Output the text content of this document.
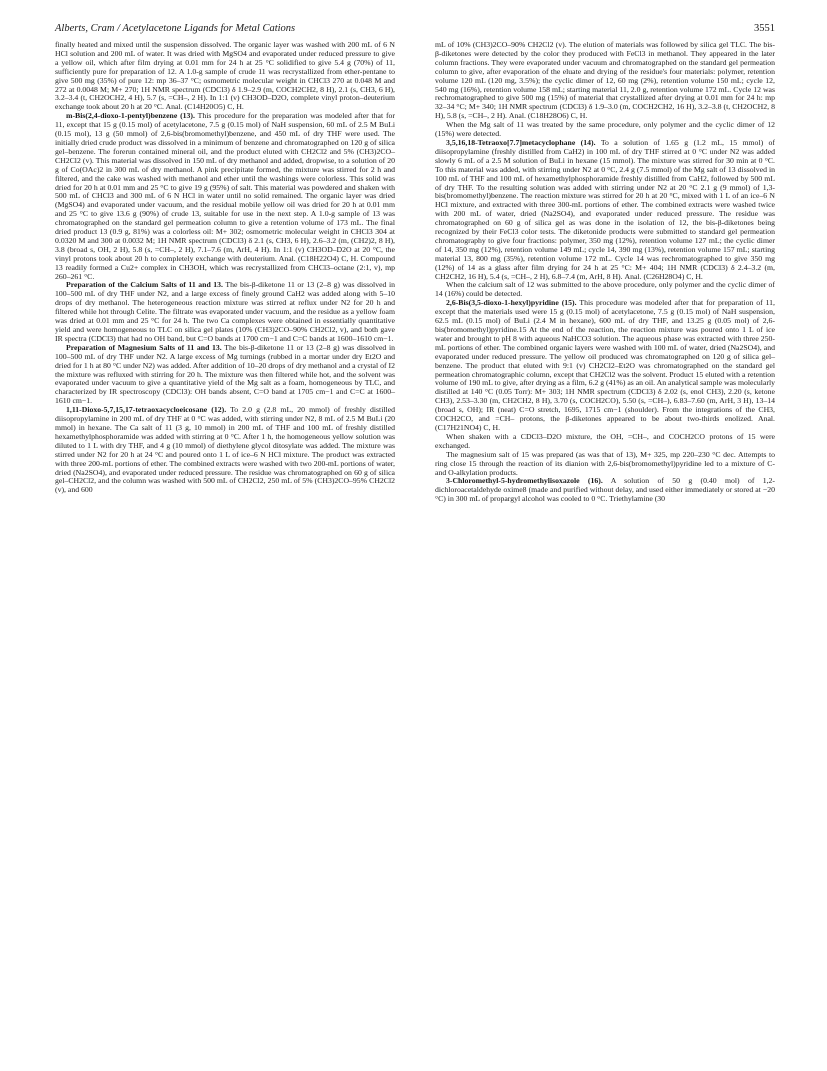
Alberts, Cram / Acetylacetone Ligands for Metal Cations	3551

finally heated and mixed until the suspension dissolved. The organic layer was washed with 200 mL of 6 N HCl solution and 200 mL of water. It was dried with MgSO4 and evaporated under reduced pressure to give a yellow oil, which after film drying at 0.01 mm for 24 h at 25 °C solidified to give 5.4 g (70%) of 11, sufficiently pure for preparation of 12. A 1.0-g sample of crude 11 was recrystallized from ether-pentane to give 500 mg (35%) of pure 12: mp 36–37 °C; osmometric molecular weight in CHCl3 270 at 0.048 M and 272 at 0.0048 M; M+ 270; 1H NMR spectrum (CDCl3) δ 1.9–2.9 (m, COCH2CH2, 8 H), 2.1 (s, CH3, 6 H), 3.2–3.4 (t, CH2OCH2, 4 H), 5.7 (s, =CH–, 2 H). In 1:1 (v) CH3OD–D2O, complete vinyl proton–deuterium exchange took about 20 h at 20 °C. Anal. (C14H20O5) C, H.

m-Bis(2,4-dioxo-1-pentyl)benzene (13). This procedure for the preparation was modeled after that for 11, except that 15 g (0.15 mol) of acetylacetone, 7.5 g (0.15 mol) of NaH suspension, 60 mL of 2.5 M BuLi (0.15 mol), 13 g (50 mmol) of 2,6-bis(bromomethyl)benzene, and 450 mL of dry THF were used. The initially dried crude product was dissolved in a minimum of benzene and chromatographed on 120 g of silica gel–benzene. The forerun contained mineral oil, and the product eluted with CH2Cl2 and 5% (CH3)2CO–CH2Cl2 (v). This material was dissolved in 150 mL of dry methanol and added, dropwise, to a solution of 20 g of Co(OAc)2 in 300 mL of dry methanol. A pink precipitate formed, the mixture was stirred for 2 h and filtered, and the cake was washed with methanol and ether until the washings were colorless. This solid was dried for 20 h at 0.01 mm and 25 °C to give 19 g (95%) of salt. This material was powdered and shaken with 500 mL of CHCl3 and 300 mL of 6 N HCl in water until no solid remained. The organic layer was dried (MgSO4) and evaporated under vacuum, and the residual mobile yellow oil was dried for 20 h at 0.01 mm and 25 °C to give 13.6 g (90%) of crude 13, suitable for use in the next step. A 1.0-g sample of 13 was chromatographed on the standard gel permeation column to give a retention volume of 173 mL. The final dried product 13 (0.9 g, 81%) was a colorless oil: M+ 302; osmometric molecular weight in CHCl3 304 at 0.0320 M and 300 at 0.0032 M; 1H NMR spectrum (CDCl3) δ 2.1 (s, CH3, 6 H), 2.6–3.2 (m, (CH2)2, 8 H), 3.8 (broad s, OH, 2 H), 5.8 (s, =CH–, 2 H), 7.1–7.6 (m, ArH, 4 H). In 1:1 (v) CH3OD–D2O at 20 °C, the vinyl protons took about 20 h to completely exchange with deuterium. Anal. (C18H22O4) C, H. Compound 13 readily formed a Cu2+ complex in CH3OH, which was recrystallized from CHCl3–octane (2:1, v), mp 260–261 °C.

Preparation of the Calcium Salts of 11 and 13. The bis-β-diketone 11 or 13 (2–8 g) was dissolved in 100–500 mL of dry THF under N2, and a large excess of finely ground CaH2 was added along with 5–10 drops of dry methanol. The heterogeneous reaction mixture was stirred at reflux under N2 for 20 h and filtered while hot through Celite. The filtrate was evaporated under vacuum, and the residue as a yellow foam was dried at 0.01 mm and 25 °C for 24 h. The two Ca complexes were obtained in essentially quantitative yield and were homogeneous to TLC on silica gel plates (10% (CH3)2CO–90% CH2Cl2, v), and both gave IR spectra (CDCl3) that had no OH band, but C=O bands at 1700 cm−1 and C=C bands at 1600–1610 cm−1.

Preparation of Magnesium Salts of 11 and 13. The bis-β-diketone 11 or 13 (2–8 g) was dissolved in 100–500 mL of dry THF under N2. A large excess of Mg turnings (rubbed in a mortar under dry Et2O and dried for 1 h at 80 °C under N2) was added. After addition of 10–20 drops of dry methanol and a crystal of I2 the mixture was refluxed with stirring for 20 h. The mixture was then filtered while hot, and the solvent was evaporated under vacuum to give a quantitative yield of the Mg salt as a foam, homogeneous by TLC, and characterized by IR spectroscopy (CDCl3): OH bands absent, C=O band at 1705 cm−1 and C=C at 1600–1610 cm−1.

1,11-Dioxo-5,7,15,17-tetraoxacycloeicosane (12). To 2.0 g (2.8 mL, 20 mmol) of freshly distilled diisopropylamine in 200 mL of dry THF at 0 °C was added, with stirring under N2, 8 mL of 2.5 M BuLi (20 mmol) in hexane. The Ca salt of 11 (3 g, 10 mmol) in 200 mL of THF and 100 mL of freshly distilled hexamethylphosphoramide was added with stirring at 0 °C. After 1 h, the homogeneous yellow solution was diluted to 1 L with dry THF, and 4 g (10 mmol) of diethylene glycol ditosylate was added. The mixture was stirred under N2 for 20 h at 24 °C and poured onto 1 L of ice–6 N HCl mixture. The product was extracted with three 200-mL portions of ether. The combined extracts were washed with two 200-mL portions of water, dried (Na2SO4), and evaporated under reduced pressure. The residue was chromatographed on 60 g of silica gel–CH2Cl2, and the column was washed with 500 mL of CH2Cl2, 250 mL of 5% (CH3)2CO–95% CH2Cl2 (v), and 600

mL of 10% (CH3)2CO–90% CH2Cl2 (v). The elution of materials was followed by silica gel TLC. The bis-β-diketones were detected by the color they produced with FeCl3 in methanol. They appeared in the later column fractions. They were evaporated under vacuum and chromatographed on the standard gel permeation column to give, after evaporation of the eluate and drying of the residue's four materials: polymer, retention volume 120 mL (120 mg, 3.5%); the cyclic dimer of 12, 60 mg (2%), retention volume 150 mL; cycle 12, 540 mg (16%), retention volume 158 mL; starting material 11, 2.0 g, retention volume 172 mL. Cycle 12 was rechromatographed to give 500 mg (15%) of material that crystallized after drying at 0.01 mm for 24 h: mp 32–34 °C; M+ 340; 1H NMR spectrum (CDCl3) δ 1.9–3.0 (m, COCH2CH2, 16 H), 3.2–3.8 (t, CH2OCH2, 8 H), 5.8 (s, =CH–, 2 H). Anal. (C18H28O6) C, H.

When the Mg salt of 11 was treated by the same procedure, only polymer and the cyclic dimer of 12 (15%) were detected.

3,5,16,18-Tetraoxo[7.7]metacyclophane (14). To a solution of 1.65 g (1.2 mL, 15 mmol) of diisopropylamine (freshly distilled from CaH2) in 100 mL of dry THF stirred at 0 °C under N2 was added slowly 6 mL of a 2.5 M solution of BuLi in hexane (15 mmol). The mixture was stirred for 30 min at 0 °C. To this material was added, with stirring under N2 at 0 °C, 2.4 g (7.5 mmol) of the Mg salt of 13 dissolved in 100 mL of THF and 100 mL of hexamethylphosphoramide freshly distilled from CaH2, followed by 500 mL of dry THF. To the resulting solution was added with stirring under N2 at 20 °C 2.1 g (9 mmol) of 1,3-bis(bromomethyl)benzene. The reaction mixture was stirred for 20 h at 20 °C, mixed with 1 L of an ice–6 N HCl mixture, and extracted with three 300-mL portions of ether. The combined extracts were washed twice with 200 mL of water, dried (Na2SO4), and evaporated under reduced pressure. The residue was chromatographed on 60 g of silica gel as was done in the isolation of 12, the bis-β-diketones being recognized by their FeCl3 color tests. The diketonide products were submitted to standard gel permeation chromatography to give four fractions: polymer, 350 mg (12%), retention volume 127 mL; the cyclic dimer of 14, 350 mg (12%), retention volume 149 mL; cycle 14, 390 mg (13%), retention volume 157 mL; starting material 13, 800 mg (35%), retention volume 172 mL. Cycle 14 was rechromatographed to give 350 mg (12%) of 14 as a glass after film drying for 24 h at 25 °C: M+ 404; 1H NMR (CDCl3) δ 2.4–3.2 (m, CH2CH2, 16 H), 5.4 (s, =CH–, 2 H), 6.8–7.4 (m, ArH, 8 H). Anal. (C26H28O4) C, H.

When the calcium salt of 12 was submitted to the above procedure, only polymer and the cyclic dimer of 14 (16%) could be detected.

2,6-Bis(3,5-dioxo-1-hexyl)pyridine (15). This procedure was modeled after that for preparation of 11, except that the materials used were 15 g (0.15 mol) of acetylacetone, 7.5 g (0.15 mol) of NaH suspension, 62.5 mL (0.15 mol) of BuLi (2.4 M in hexane), 600 mL of dry THF, and 13.25 g (0.05 mol) of 2,6-bis(bromomethyl)pyridine.15 At the end of the reaction, the reaction mixture was poured onto 1 L of ice water and brought to pH 8 with aqueous NaHCO3 solution. The aqueous phase was extracted with three 250-mL portions of ether. The combined organic layers were washed with 100 mL of water, dried (Na2SO4), and evaporated under reduced pressure. The yellow oil produced was chromatographed on 120 g of silica gel–benzene. The product that eluted with 9:1 (v) CH2Cl2–Et2O was chromatographed on the standard gel permeation chromatographic column, except that CH2Cl2 was the solvent. Product 15 eluted with a retention volume of 190 mL to give, after drying as a film, 6.2 g (41%) as an oil. An analytical sample was molecularly distilled at 140 °C (0.05 Torr): M+ 303; 1H NMR spectrum (CDCl3) δ 2.02 (s, enol CH3), 2.20 (s, ketone CH3), 2.53–3.30 (m, CH2CH2, 8 H), 3.70 (s, COCH2CO), 5.50 (s, =CH–), 6.83–7.60 (m, ArH, 3 H), 13–14 (broad s, OH); IR (neat) C=O stretch, 1695, 1715 cm−1 (shoulder). From the integrations of the CH3, COCH2CO, and =CH– protons, the β-diketones appeared to be about two-thirds enolized. Anal. (C17H21NO4) C, H.

When shaken with a CDCl3–D2O mixture, the OH, =CH–, and COCH2CO protons of 15 were exchanged.

The magnesium salt of 15 was prepared (as was that of 13), M+ 325, mp 220–230 °C dec. Attempts to ring close 15 through the reaction of its dianion with 2,6-bis(bromomethyl)pyridine led to a mixture of C- and O-alkylation products.

3-Chloromethyl-5-hydromethylisoxazole (16). A solution of 50 g (0.40 mol) of 1,2-dichloroacetaldehyde oxime8 (made and purified without delay, and used either immediately or stored at −20 °C) in 300 mL of propargyl alcohol was cooled to 0 °C. Triethylamine (30
